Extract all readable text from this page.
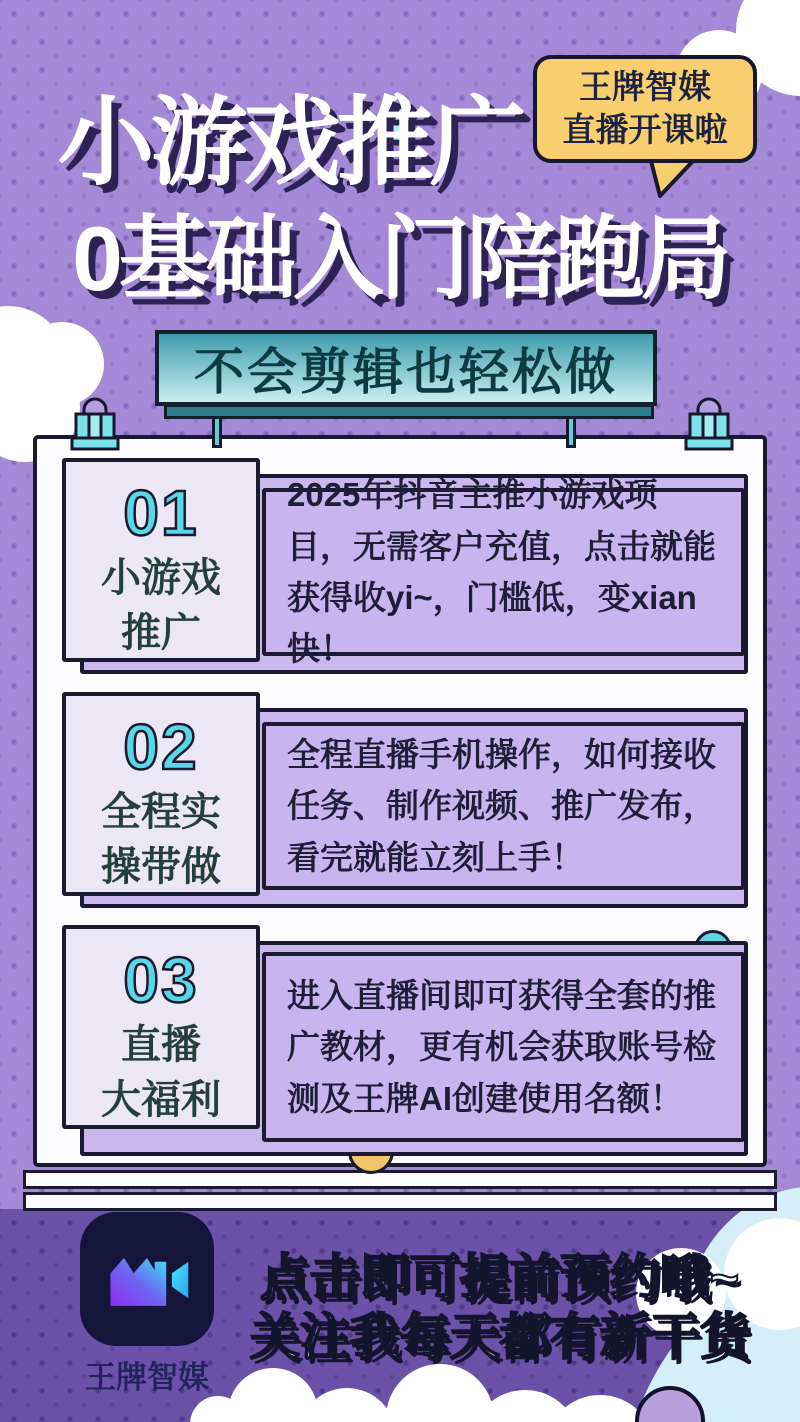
小游戏推广
0基础入门陪跑局
王牌智媒
直播开课啦
不会剪辑也轻松做
01
小游戏
推广

2025年抖音主推小游戏项目，无需客户充值，点击就能获得收yi~，门槛低，变xian快！

02
全程实
操带做

全程直播手机操作，如何接收任务、制作视频、推广发布，看完就能立刻上手！

03
直播
大福利

进入直播间即可获得全套的推广教材，更有机会获取账号检测及王牌AI创建使用名额！

王牌智媒
点击即可提前预约哦~
关注我每天都有新干货
